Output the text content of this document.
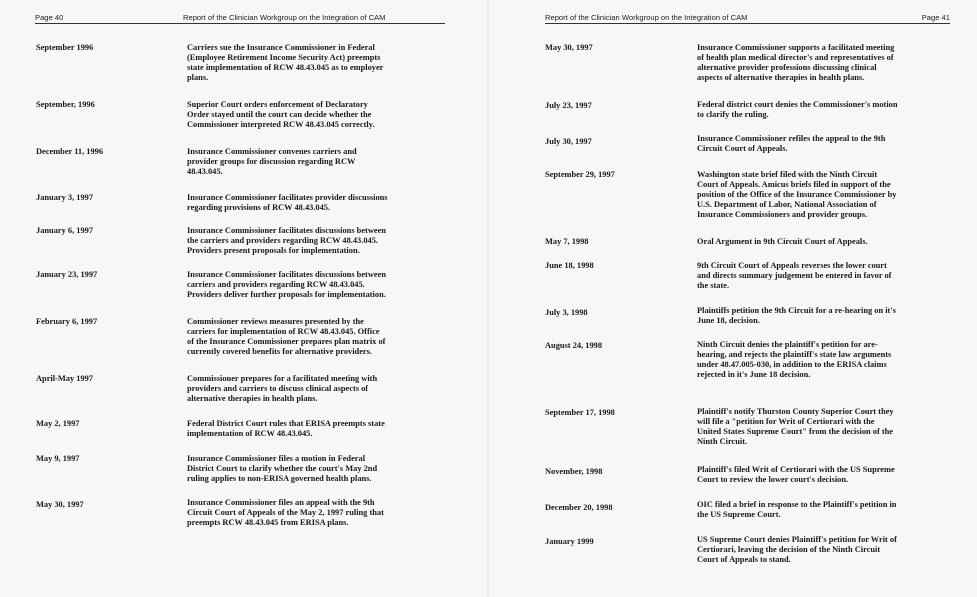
Page 40	Report of the Clinician Workgroup on the Integration of CAM
September 1996	Carriers sue the Insurance Commissioner in Federal
(Employee Retirement Income Security Act) preempts
state implementation of RCW 48.43.045 as to employer
plans.
September, 1996	Superior Court orders enforcement of Declaratory
Order stayed until the court can decide whether the
Commissioner interpreted RCW 48.43.045 correctly.
December 11, 1996	Insurance Commissioner convenes carriers and
provider groups for discussion regarding RCW
48.43.045.
January 3, 1997	Insurance Commissioner facilitates provider discussions
regarding provisions of RCW 48.43.045.
January 6, 1997	Insurance Commissioner facilitates discussions between
the carriers and providers regarding RCW 48.43.045.
Providers present proposals for implementation.
January 23, 1997	Insurance Commissioner facilitates discussions between
carriers and providers regarding RCW 48.43.045.
Providers deliver further proposals for implementation.
February 6, 1997	Commissioner reviews measures presented by the
carriers for implementation of RCW 48.43.045. Office
of the Insurance Commissioner prepares plan matrix of
currently covered benefits for alternative providers.
April-May 1997	Commissioner prepares for a facilitated meeting with
providers and carriers to discuss clinical aspects of
alternative therapies in health plans.
May 2, 1997	Federal District Court rules that ERISA preempts state
implementation of RCW 48.43.045.
May 9, 1997	Insurance Commissioner files a motion in Federal
District Court to clarify whether the court's May 2nd
ruling applies to non-ERISA governed health plans.
May 30, 1997	Insurance Commissioner files an appeal with the 9th
Circuit Court of Appeals of the May 2, 1997 ruling that
preempts RCW 48.43.045 from ERISA plans.
Report of the Clinician Workgroup on the Integration of CAM	Page 41
May 30, 1997	Insurance Commissioner supports a facilitated meeting
of health plan medical director's and representatives of
alternative provider professions discussing clinical
aspects of alternative therapies in health plans.
July 23, 1997	Federal district court denies the Commissioner's motion
to clarify the ruling.
July 30, 1997	Insurance Commissioner refiles the appeal to the 9th
Circuit Court of Appeals.
September 29, 1997	Washington state brief filed with the Ninth Circuit
Court of Appeals. Amicus briefs filed in support of the
position of the Office of the Insurance Commissioner by
U.S. Department of Labor, National Association of
Insurance Commissioners and provider groups.
May 7, 1998	Oral Argument in 9th Circuit Court of Appeals.
June 18, 1998	9th Circuit Court of Appeals reverses the lower court
and directs summary judgement be entered in favor of
the state.
July 3, 1998	Plaintiffs petition the 9th Circuit for a re-hearing on it's
June 18, decision.
August 24, 1998	Ninth Circuit denies the plaintiff's petition for are-
hearing, and rejects the plaintiff's state law arguments
under 48.47.005-030, in addition to the ERISA claims
rejected in it's June 18 decision.
September 17, 1998	Plaintiff's notify Thurston County Superior Court they
will file a "petition for Writ of Certiorari with the
United States Supreme Court" from the decision of the
Ninth Circuit.
November, 1998	Plaintiff's filed Writ of Certiorari with the US Supreme
Court to review the lower court's decision.
December 20, 1998	OIC filed a brief in response to the Plaintiff's petition in
the US Supreme Court.
January 1999	US Supreme Court denies Plaintiff's petition for Writ of
Certiorari, leaving the decision of the Ninth Circuit
Court of Appeals to stand.
